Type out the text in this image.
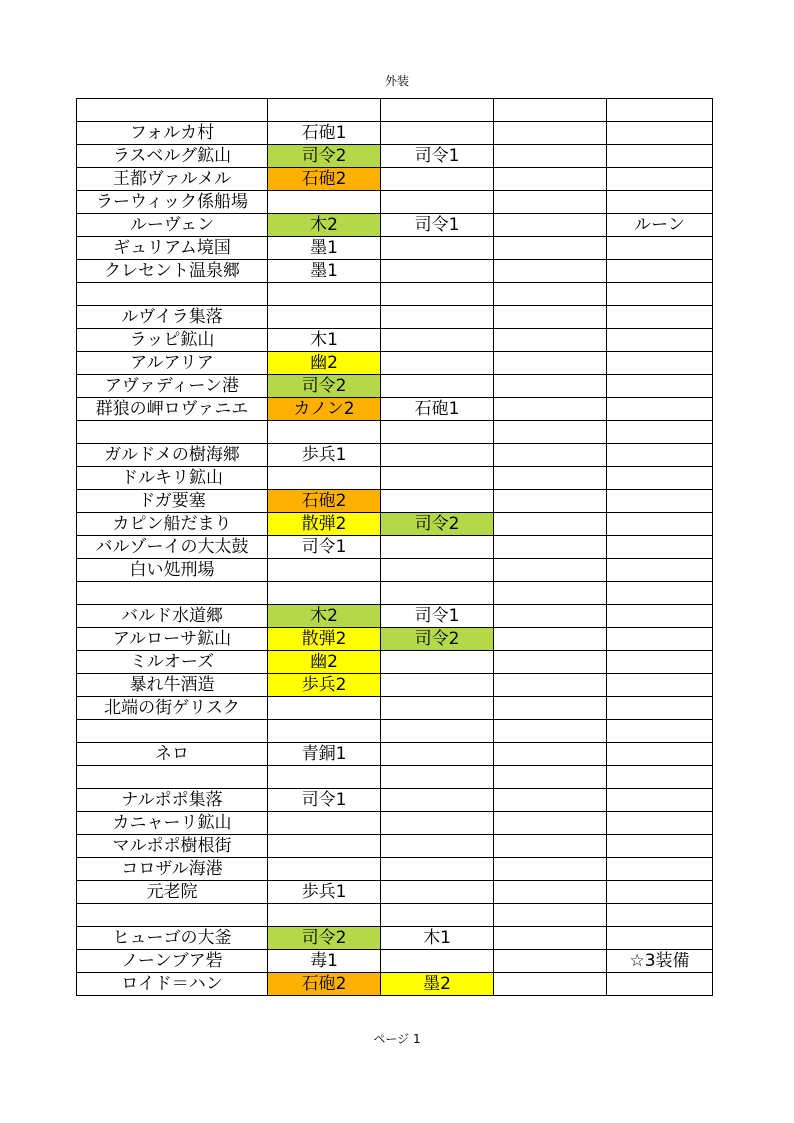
外装

フォルカ村	石砲1			
ラスベルグ鉱山	司令2	司令1		
王都ヴァルメル	石砲2			
ラーウィック係船場				
ルーヴェン	木2	司令1		ルーン
ギュリアム境国	墨1			
クレセント温泉郷	墨1			

ルヴイラ集落				
ラッピ鉱山	木1			
アルアリア	幽2			
アヴァディーン港	司令2			
群狼の岬ロヴァニエ	カノン2	石砲1		

ガルドメの樹海郷	歩兵1			
ドルキリ鉱山				
ドガ要塞	石砲2			
カピン船だまり	散弾2	司令2		
バルゾーイの大太鼓	司令1			
白い処刑場				

バルド水道郷	木2	司令1		
アルローサ鉱山	散弾2	司令2		
ミルオーズ	幽2			
暴れ牛酒造	歩兵2			
北端の街ゲリスク				

ネロ	青銅1			

ナルポポ集落	司令1			
カニャーリ鉱山				
マルポポ樹根街				
コロザル海港				
元老院	歩兵1			

ヒューゴの大釜	司令2	木1		
ノーンブア砦	毒1			☆3装備
ロイド＝ハン	石砲2	墨2		
ページ 1
